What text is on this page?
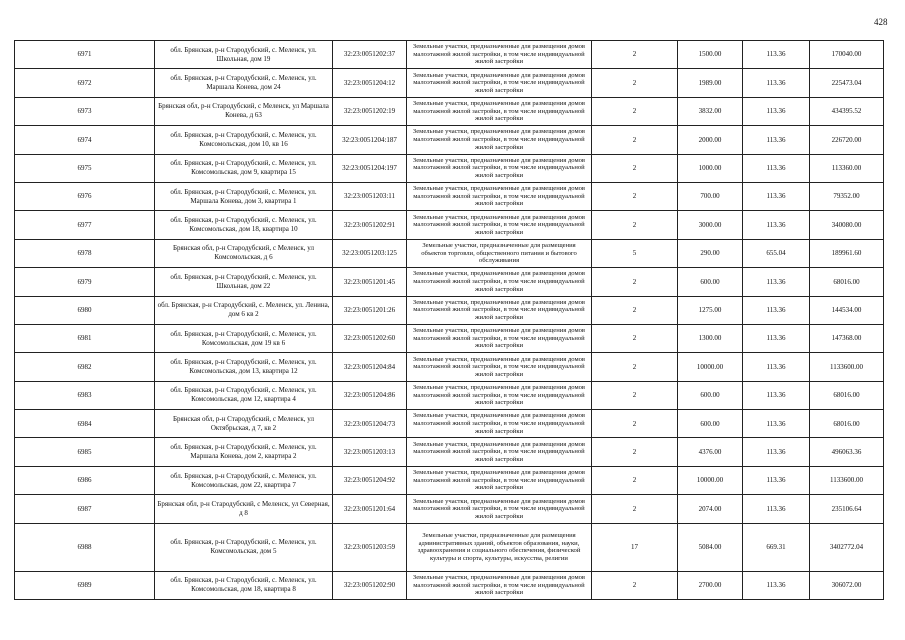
428
6971	обл. Брянская, р-н Стародубский, с. Меленск, ул. Школьная, дом 19	32:23:0051202:37	Земельные участки, предназначенные для размещения домов малоэтажной жилой застройки, в том числе индивидуальной жилой застройки	2	1500.00	113.36	170040.00
6972	обл. Брянская, р-н Стародубский, с. Меленск, ул. Маршала Конева, дом 24	32:23:0051204:12	Земельные участки, предназначенные для размещения домов малоэтажной жилой застройки, в том числе индивидуальной жилой застройки	2	1989.00	113.36	225473.04
6973	Брянская обл, р-н Стародубский, с Меленск, ул Маршала Конева, д 63	32:23:0051202:19	Земельные участки, предназначенные для размещения домов малоэтажной жилой застройки, в том числе индивидуальной жилой застройки	2	3832.00	113.36	434395.52
6974	обл. Брянская, р-н Стародубский, с. Меленск, ул. Комсомольская, дом 10, кв 16	32:23:0051204:187	Земельные участки, предназначенные для размещения домов малоэтажной жилой застройки, в том числе индивидуальной жилой застройки	2	2000.00	113.36	226720.00
6975	обл. Брянская, р-н Стародубский, с. Меленск, ул. Комсомольская, дом 9, квартира 15	32:23:0051204:197	Земельные участки, предназначенные для размещения домов малоэтажной жилой застройки, в том числе индивидуальной жилой застройки	2	1000.00	113.36	113360.00
6976	обл. Брянская, р-н Стародубский, с. Меленск, ул. Маршала Конева, дом 3, квартира 1	32:23:0051203:11	Земельные участки, предназначенные для размещения домов малоэтажной жилой застройки, в том числе индивидуальной жилой застройки	2	700.00	113.36	79352.00
6977	обл. Брянская, р-н Стародубский, с. Меленск, ул. Комсомольская, дом 18, квартира 10	32:23:0051202:91	Земельные участки, предназначенные для размещения домов малоэтажной жилой застройки, в том числе индивидуальной жилой застройки	2	3000.00	113.36	340080.00
6978	Брянская обл, р-н Стародубский, с Меленск, ул Комсомольская, д 6	32:23:0051203:125	Земельные участки, предназначенные для размещения объектов торговли, общественного питания и бытового обслуживания	5	290.00	655.04	189961.60
6979	обл. Брянская, р-н Стародубский, с. Меленск, ул. Школьная, дом 22	32:23:0051201:45	Земельные участки, предназначенные для размещения домов малоэтажной жилой застройки, в том числе индивидуальной жилой застройки	2	600.00	113.36	68016.00
6980	обл. Брянская, р-н Стародубский, с. Меленск, ул. Ленина, дом 6 кв 2	32:23:0051201:26	Земельные участки, предназначенные для размещения домов малоэтажной жилой застройки, в том числе индивидуальной жилой застройки	2	1275.00	113.36	144534.00
6981	обл. Брянская, р-н Стародубский, с. Меленск, ул. Комсомольская, дом 19 кв 6	32:23:0051202:60	Земельные участки, предназначенные для размещения домов малоэтажной жилой застройки, в том числе индивидуальной жилой застройки	2	1300.00	113.36	147368.00
6982	обл. Брянская, р-н Стародубский, с. Меленск, ул. Комсомольская, дом 13, квартира 12	32:23:0051204:84	Земельные участки, предназначенные для размещения домов малоэтажной жилой застройки, в том числе индивидуальной жилой застройки	2	10000.00	113.36	1133600.00
6983	обл. Брянская, р-н Стародубский, с. Меленск, ул. Комсомольская, дом 12, квартира 4	32:23:0051204:86	Земельные участки, предназначенные для размещения домов малоэтажной жилой застройки, в том числе индивидуальной жилой застройки	2	600.00	113.36	68016.00
6984	Брянская обл, р-н Стародубский, с Меленск, ул Октябрьская, д 7, кв 2	32:23:0051204:73	Земельные участки, предназначенные для размещения домов малоэтажной жилой застройки, в том числе индивидуальной жилой застройки	2	600.00	113.36	68016.00
6985	обл. Брянская, р-н Стародубский, с. Меленск, ул. Маршала Конева, дом 2, квартира 2	32:23:0051203:13	Земельные участки, предназначенные для размещения домов малоэтажной жилой застройки, в том числе индивидуальной жилой застройки	2	4376.00	113.36	496063.36
6986	обл. Брянская, р-н Стародубский, с. Меленск, ул. Комсомольская, дом 22, квартира 7	32:23:0051204:92	Земельные участки, предназначенные для размещения домов малоэтажной жилой застройки, в том числе индивидуальной жилой застройки	2	10000.00	113.36	1133600.00
6987	Брянская обл, р-н Стародубский, с Меленск, ул Северная, д 8	32:23:0051201:64	Земельные участки, предназначенные для размещения домов малоэтажной жилой застройки, в том числе индивидуальной жилой застройки	2	2074.00	113.36	235106.64
6988	обл. Брянская, р-н Стародубский, с. Меленск, ул. Комсомольская, дом 5	32:23:0051203:59	Земельные участки, предназначенные для размещения административных зданий, объектов образования, науки, здравоохранения и социального обеспечения, физической культуры и спорта, культуры, искусства, религии	17	5084.00	669.31	3402772.04
6989	обл. Брянская, р-н Стародубский, с. Меленск, ул. Комсомольская, дом 18, квартира 8	32:23:0051202:90	Земельные участки, предназначенные для размещения домов малоэтажной жилой застройки, в том числе индивидуальной жилой застройки	2	2700.00	113.36	306072.00
